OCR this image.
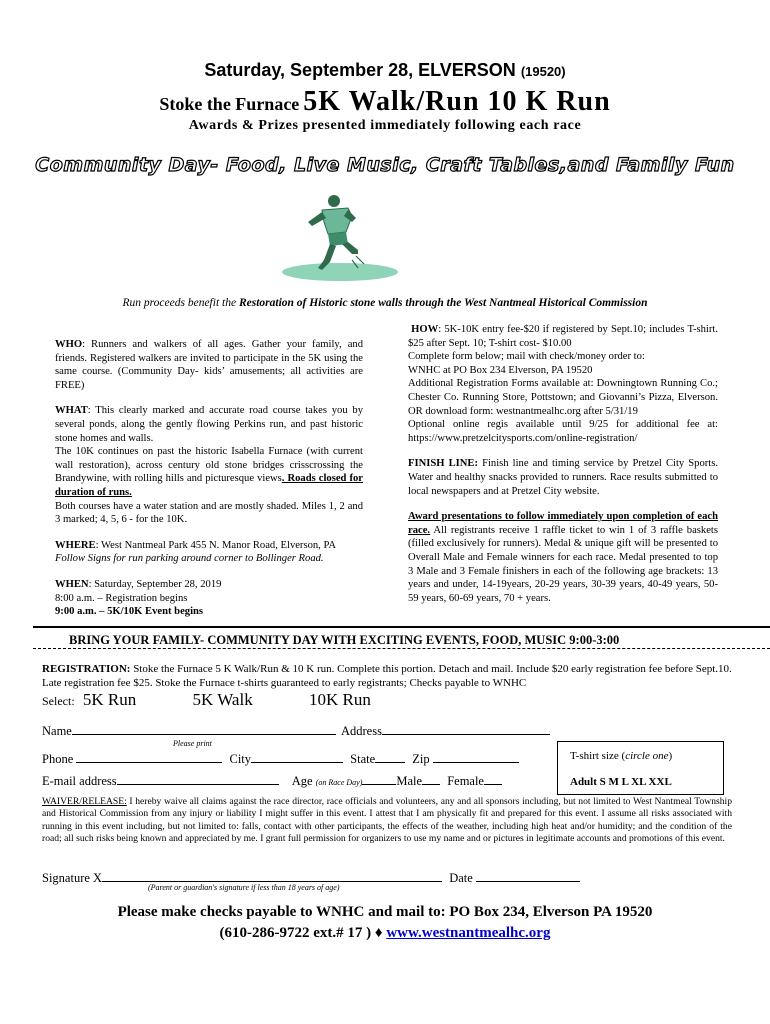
Saturday, September 28, ELVERSON (19520)
Stoke the Furnace 5K Walk/Run 10 K Run
Awards & Prizes presented immediately following each race
Community Day- Food, Live Music, Craft Tables,and Family Fun
Run proceeds benefit the Restoration of Historic stone walls through the West Nantmeal Historical Commission

WHO: Runners and walkers of all ages. Gather your family, and friends. Registered walkers are invited to participate in the 5K using the same course. (Community Day- kids’ amusements; all activities are FREE)

WHAT: This clearly marked and accurate road course takes you by several ponds, along the gently flowing Perkins run, and past historic stone homes and walls.

The 10K continues on past the historic Isabella Furnace (with current wall restoration), across century old stone bridges crisscrossing the Brandywine, with rolling hills and picturesque views. Roads closed for duration of runs.

Both courses have a water station and are mostly shaded. Miles 1, 2 and 3 marked; 4, 5, 6 - for the 10K.

WHERE: West Nantmeal Park 455 N. Manor Road, Elverson, PA
Follow Signs for run parking around corner to Bollinger Road.

WHEN: Saturday, September 28, 2019
8:00 a.m. – Registration begins
9:00 a.m. – 5K/10K Event begins

HOW: 5K-10K entry fee-$20 if registered by Sept.10; includes T-shirt. $25 after Sept. 10; T-shirt cost- $10.00
Complete form below; mail with check/money order to:
WNHC at PO Box 234 Elverson, PA 19520
Additional Registration Forms available at: Downingtown Running Co.; Chester Co. Running Store, Pottstown; and Giovanni’s Pizza, Elverson. OR download form: westnantmealhc.org after 5/31/19
Optional online regis available until 9/25 for additional fee at: https://www.pretzelcitysports.com/online-registration/

FINISH LINE: Finish line and timing service by Pretzel City Sports. Water and healthy snacks provided to runners. Race results submitted to local newspapers and at Pretzel City website.

Award presentations to follow immediately upon completion of each race. All registrants receive 1 raffle ticket to win 1 of 3 raffle baskets (filled exclusively for runners). Medal & unique gift will be presented to Overall Male and Female winners for each race. Medal presented to top 3 Male and 3 Female finishers in each of the following age brackets: 13 years and under, 14-19years, 20-29 years, 30-39 years, 40-49 years, 50-59 years, 60-69 years, 70 + years.

BRING YOUR FAMILY- COMMUNITY DAY WITH EXCITING EVENTS, FOOD, MUSIC 9:00-3:00
REGISTRATION: Stoke the Furnace 5 K Walk/Run & 10 K run. Complete this portion. Detach and mail. Include $20 early registration fee before Sept.10. Late registration fee $25. Stoke the Furnace t-shirts guaranteed to early registrants; Checks payable to WNHC
Select: 5K Run	5K Walk	10K Run
Name	Address
Please print
Phone	City	State	Zip
E-mail address	Age (on Race Day)	Male Female
T-shirt size (circle one)
Adult S M L XL XXL
WAIVER/RELEASE: I hereby waive all claims against the race director, race officials and volunteers, any and all sponsors including, but not limited to West Nantmeal Township and Historical Commission from any injury or liability I might suffer in this event. I attest that I am physically fit and prepared for this event. I assume all risks associated with running in this event including, but not limited to: falls, contact with other participants, the effects of the weather, including high heat and/or humidity; and the condition of the road; all such risks being known and appreciated by me. I grant full permission for organizers to use my name and or pictures in legitimate accounts and promotions of this event.
Signature X	Date
(Parent or guardian's signature if less than 18 years of age)
Please make checks payable to WNHC and mail to: PO Box 234, Elverson PA 19520
(610-286-9722 ext.# 17 ) ♦ www.westnantmealhc.org
